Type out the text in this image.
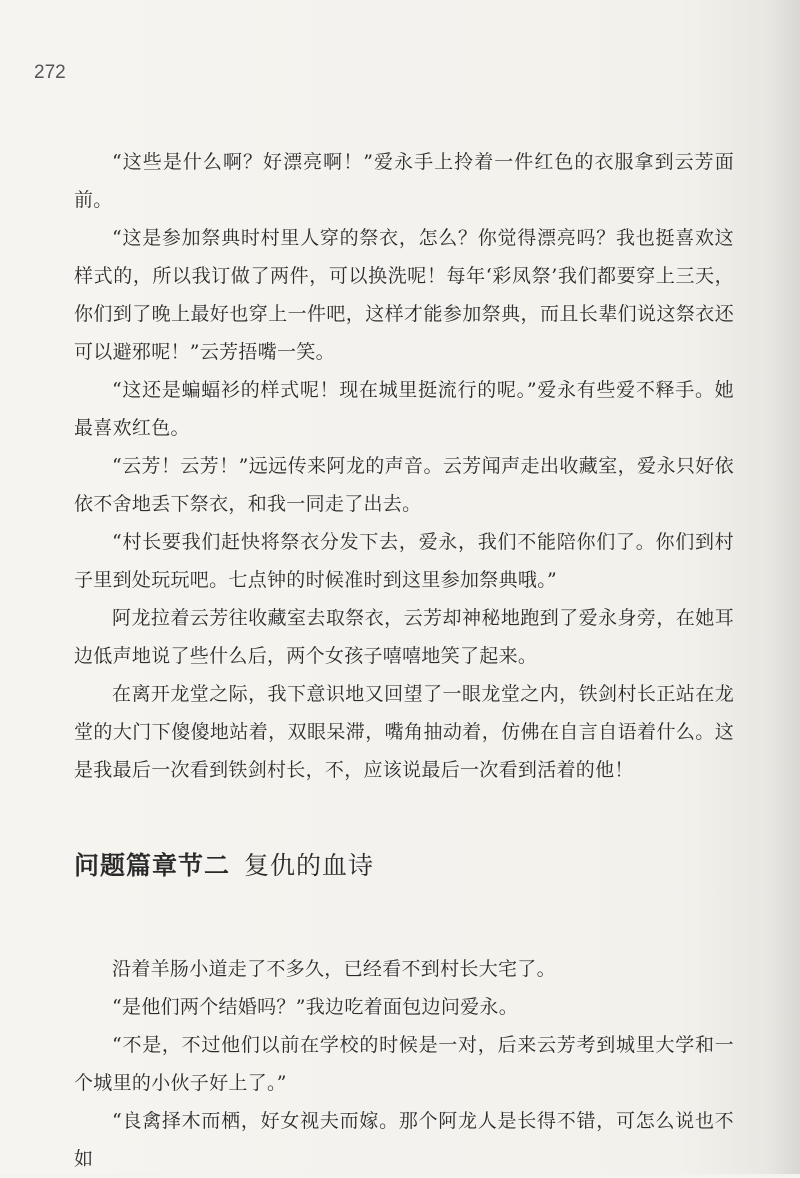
272

“这些是什么啊？好漂亮啊！”爱永手上拎着一件红色的衣服拿到云芳面前。

“这是参加祭典时村里人穿的祭衣，怎么？你觉得漂亮吗？我也挺喜欢这样式的，所以我订做了两件，可以换洗呢！每年‘彩凤祭’我们都要穿上三天，你们到了晚上最好也穿上一件吧，这样才能参加祭典，而且长辈们说这祭衣还可以避邪呢！”云芳捂嘴一笑。

“这还是蝙蝠衫的样式呢！现在城里挺流行的呢。”爱永有些爱不释手。她最喜欢红色。

“云芳！云芳！”远远传来阿龙的声音。云芳闻声走出收藏室，爱永只好依依不舍地丢下祭衣，和我一同走了出去。

“村长要我们赶快将祭衣分发下去，爱永，我们不能陪你们了。你们到村子里到处玩玩吧。七点钟的时候准时到这里参加祭典哦。”

阿龙拉着云芳往收藏室去取祭衣，云芳却神秘地跑到了爱永身旁，在她耳边低声地说了些什么后，两个女孩子嘻嘻地笑了起来。

在离开龙堂之际，我下意识地又回望了一眼龙堂之内，铁剑村长正站在龙堂的大门下傻傻地站着，双眼呆滞，嘴角抽动着，仿佛在自言自语着什么。这是我最后一次看到铁剑村长，不，应该说最后一次看到活着的他！

问题篇章节二 复仇的血诗

沿着羊肠小道走了不多久，已经看不到村长大宅了。

“是他们两个结婚吗？”我边吃着面包边问爱永。

“不是，不过他们以前在学校的时候是一对，后来云芳考到城里大学和一个城里的小伙子好上了。”

“良禽择木而栖，好女视夫而嫁。那个阿龙人是长得不错，可怎么说也不如
